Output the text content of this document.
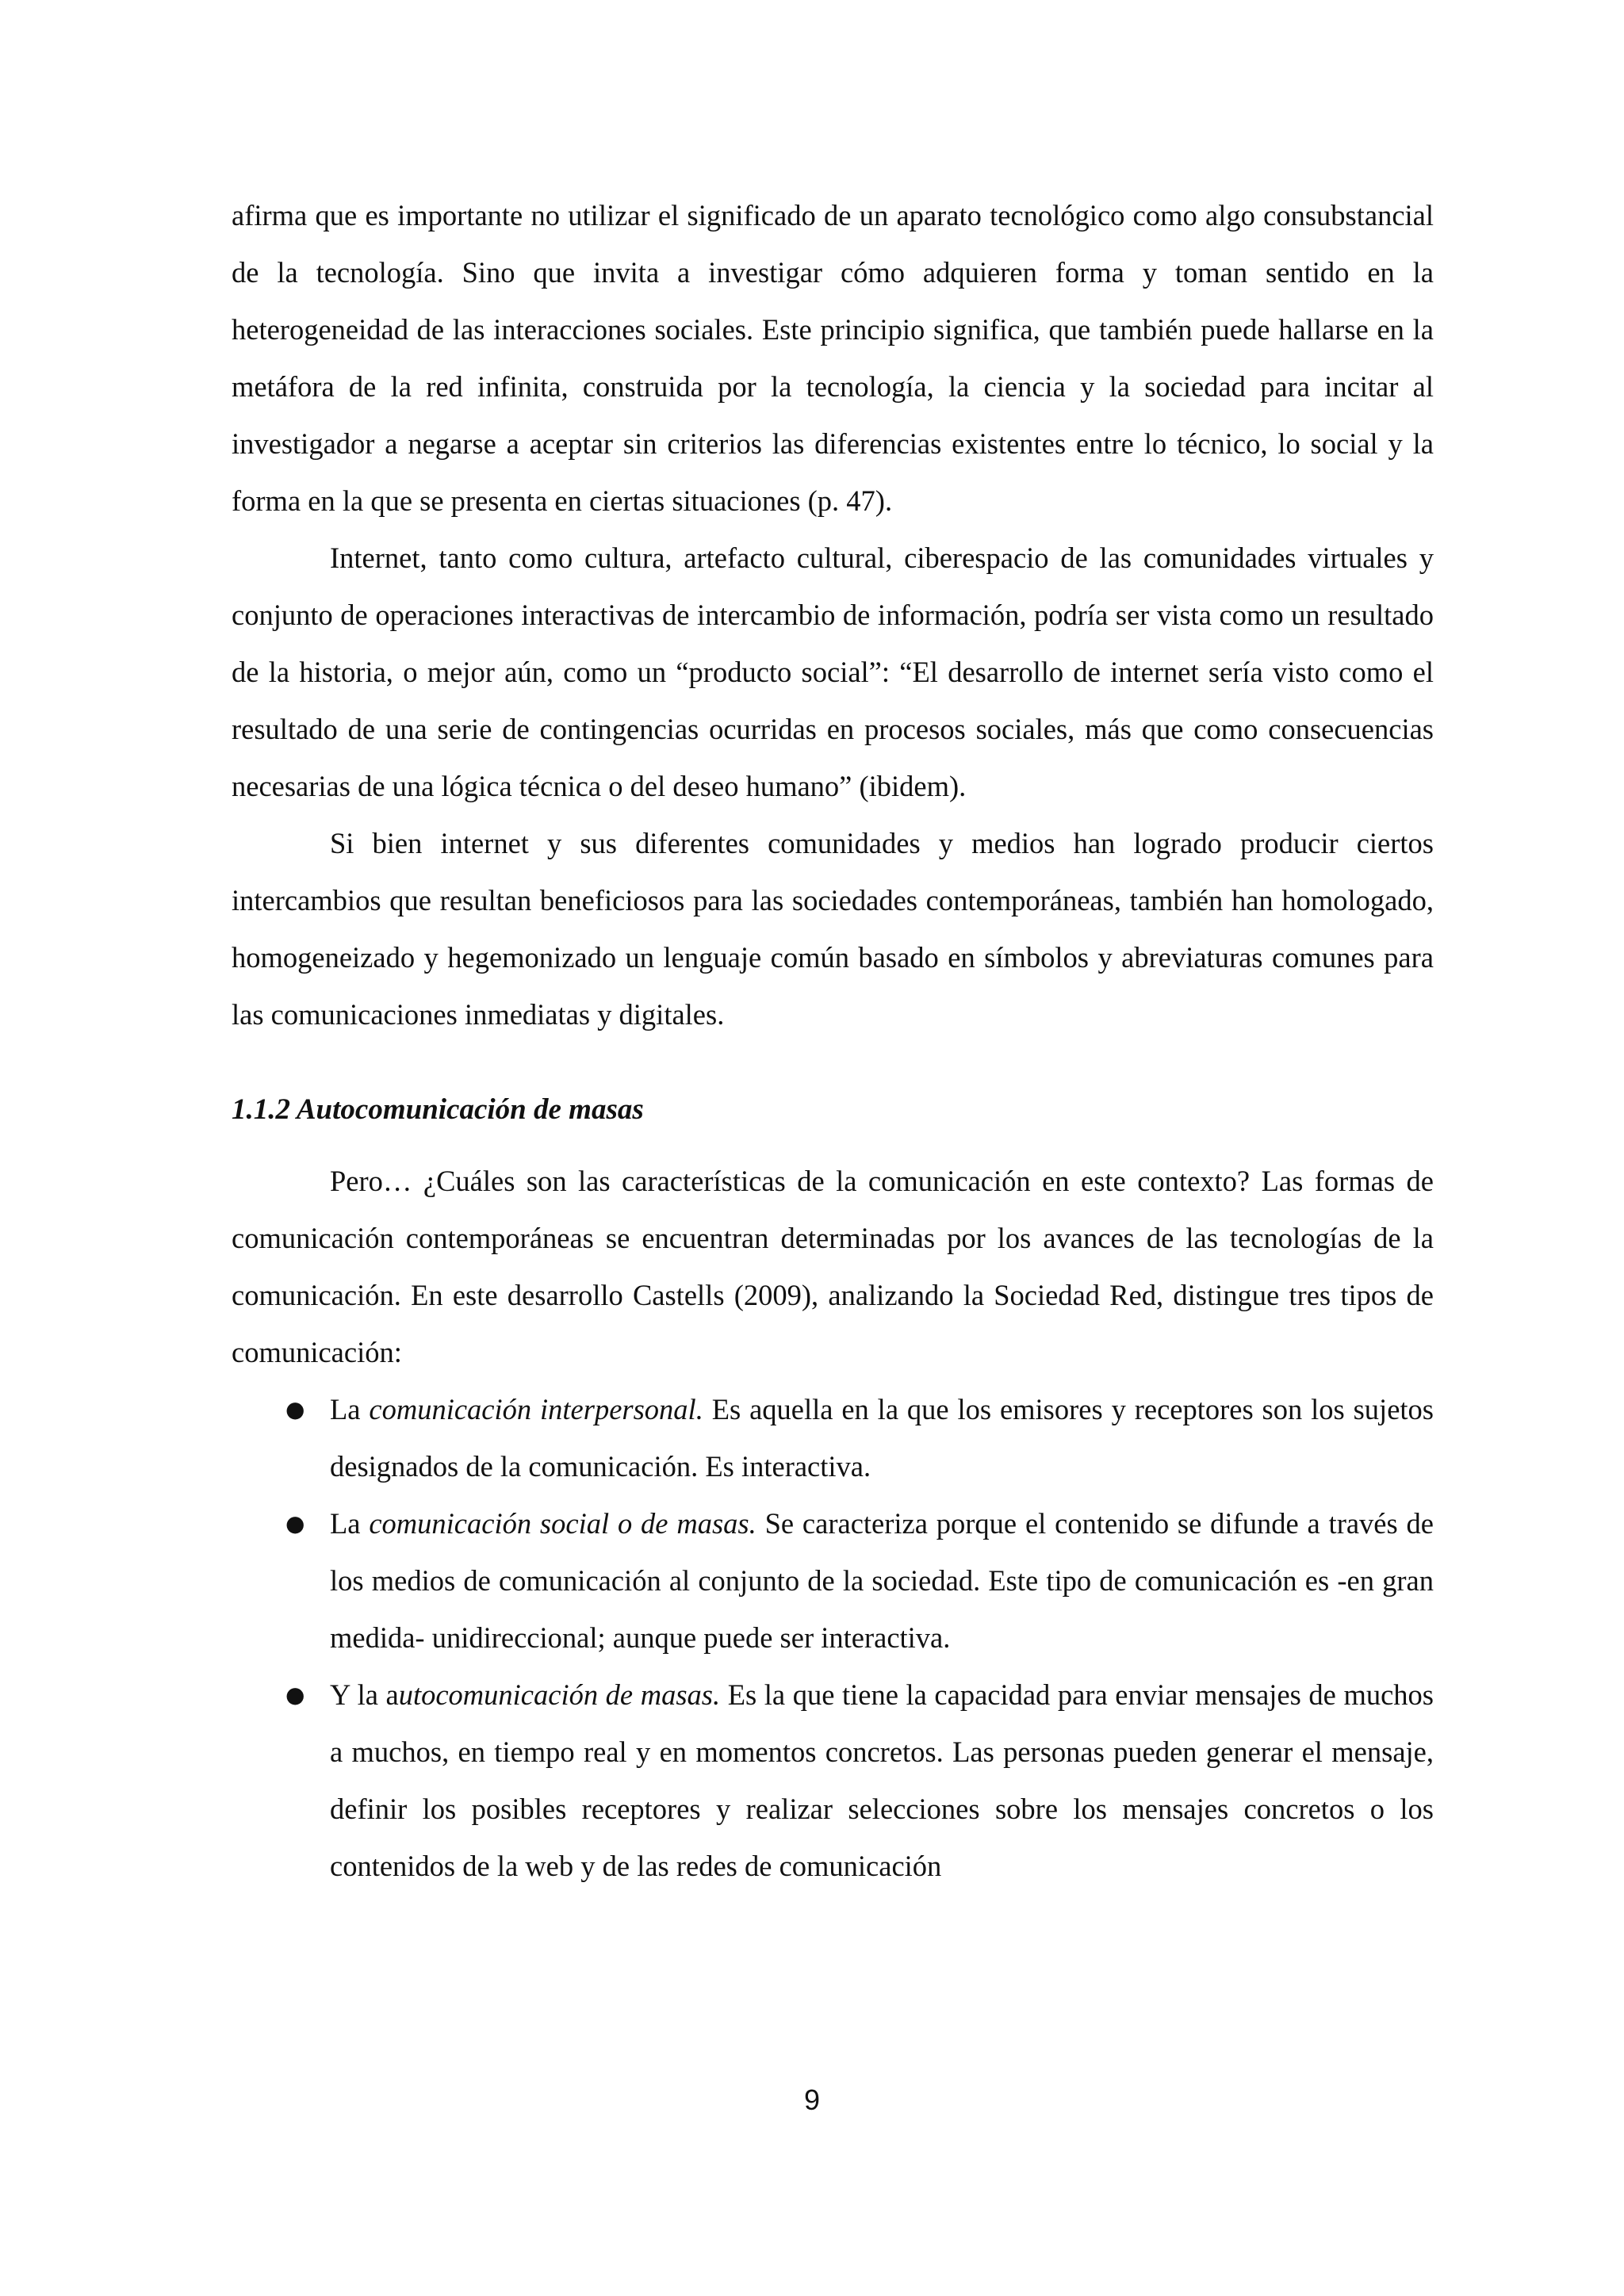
afirma que es importante no utilizar el significado de un aparato tecnológico como algo consubstancial de la tecnología. Sino que invita a investigar cómo adquieren forma y toman sentido en la heterogeneidad de las interacciones sociales. Este principio significa, que también puede hallarse en la metáfora de la red infinita, construida por la tecnología, la ciencia y la sociedad para incitar al investigador a negarse a aceptar sin criterios las diferencias existentes entre lo técnico, lo social y la forma en la que se presenta en ciertas situaciones (p. 47).

Internet, tanto como cultura, artefacto cultural, ciberespacio de las comunidades virtuales y conjunto de operaciones interactivas de intercambio de información, podría ser vista como un resultado de la historia, o mejor aún, como un “producto social”: “El desarrollo de internet sería visto como el resultado de una serie de contingencias ocurridas en procesos sociales, más que como consecuencias necesarias de una lógica técnica o del deseo humano” (ibidem).

Si bien internet y sus diferentes comunidades y medios han logrado producir ciertos intercambios que resultan beneficiosos para las sociedades contemporáneas, también han homologado, homogeneizado y hegemonizado un lenguaje común basado en símbolos y abreviaturas comunes para las comunicaciones inmediatas y digitales.

1.1.2 Autocomunicación de masas

Pero… ¿Cuáles son las características de la comunicación en este contexto? Las formas de comunicación contemporáneas se encuentran determinadas por los avances de las tecnologías de la comunicación. En este desarrollo Castells (2009), analizando la Sociedad Red, distingue tres tipos de comunicación:

● La comunicación interpersonal. Es aquella en la que los emisores y receptores son los sujetos designados de la comunicación. Es interactiva.
● La comunicación social o de masas. Se caracteriza porque el contenido se difunde a través de los medios de comunicación al conjunto de la sociedad. Este tipo de comunicación es -en gran medida- unidireccional; aunque puede ser interactiva.
● Y la autocomunicación de masas. Es la que tiene la capacidad para enviar mensajes de muchos a muchos, en tiempo real y en momentos concretos. Las personas pueden generar el mensaje, definir los posibles receptores y realizar selecciones sobre los mensajes concretos o los contenidos de la web y de las redes de comunicación
9
